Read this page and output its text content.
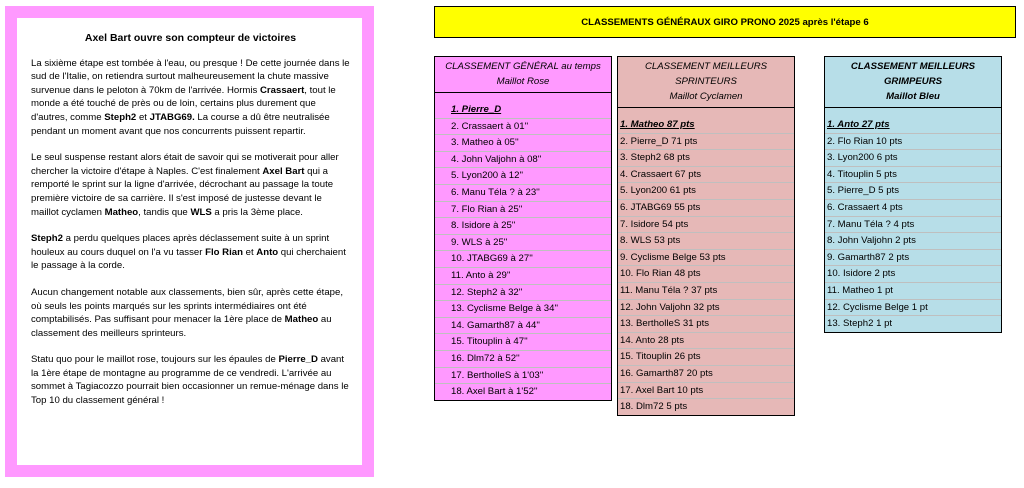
Axel Bart ouvre son compteur de victoires

La sixième étape est tombée à l'eau, ou presque ! De cette journée dans le sud de l'Italie, on retiendra surtout malheureusement la chute massive survenue dans le peloton à 70km de l'arrivée. Hormis Crassaert, tout le monde a été touché de près ou de loin, certains plus durement que d'autres, comme Steph2 et JTABG69. La course a dû être neutralisée pendant un moment avant que nos concurrents puissent repartir.

Le seul suspense restant alors était de savoir qui se motiverait pour aller chercher la victoire d'étape à Naples. C'est finalement Axel Bart qui a remporté le sprint sur la ligne d'arrivée, décrochant au passage la toute première victoire de sa carrière. Il s'est imposé de justesse devant le maillot cyclamen Matheo, tandis que WLS a pris la 3ème place.

Steph2 a perdu quelques places après déclassement suite à un sprint houleux au cours duquel on l'a vu tasser Flo Rian et Anto qui cherchaient le passage à la corde.

Aucun changement notable aux classements, bien sûr, après cette étape, où seuls les points marqués sur les sprints intermédiaires ont été comptabilisés. Pas suffisant pour menacer la 1ère place de Matheo au classement des meilleurs sprinteurs.

Statu quo pour le maillot rose, toujours sur les épaules de Pierre_D avant la 1ère étape de montagne au programme de ce vendredi. L'arrivée au sommet à Tagiacozzo pourrait bien occasionner un remue-ménage dans le Top 10 du classement général !

CLASSEMENTS GÉNÉRAUX GIRO PRONO 2025 après l'étape 6
CLASSEMENT GÉNÉRAL au temps
Maillot Rose
1. Pierre_D
2. Crassaert à 01''
3. Matheo à 05''
4. John Valjohn à 08''
5. Lyon200 à 12''
6. Manu Téla ? à 23''
7. Flo Rian à 25''
8. Isidore à 25''
9. WLS à 25''
10. JTABG69 à 27''
11. Anto à 29''
12. Steph2 à 32''
13. Cyclisme Belge à 34''
14. Gamarth87 à 44''
15. Titouplin à 47''
16. Dlm72 à 52''
17. BertholleS à 1'03''
18. Axel Bart à 1'52''
CLASSEMENT MEILLEURS SPRINTEURS
Maillot Cyclamen
1. Matheo 87 pts
2. Pierre_D 71 pts
3. Steph2 68 pts
4. Crassaert 67 pts
5. Lyon200 61 pts
6. JTABG69 55 pts
7. Isidore 54 pts
8. WLS 53 pts
9. Cyclisme Belge 53 pts
10. Flo Rian 48 pts
11. Manu Téla ? 37 pts
12. John Valjohn 32 pts
13. BertholleS 31 pts
14. Anto 28 pts
15. Titouplin 26 pts
16. Gamarth87 20 pts
17. Axel Bart 10 pts
18. Dlm72 5 pts
CLASSEMENT MEILLEURS GRIMPEURS
Maillot Bleu
1. Anto 27 pts
2. Flo Rian 10 pts
3. Lyon200 6 pts
4. Titouplin 5 pts
5. Pierre_D 5 pts
6. Crassaert 4 pts
7. Manu Téla ? 4 pts
8. John Valjohn 2 pts
9. Gamarth87 2 pts
10. Isidore 2 pts
11. Matheo 1 pt
12. Cyclisme Belge 1 pt
13. Steph2 1 pt
